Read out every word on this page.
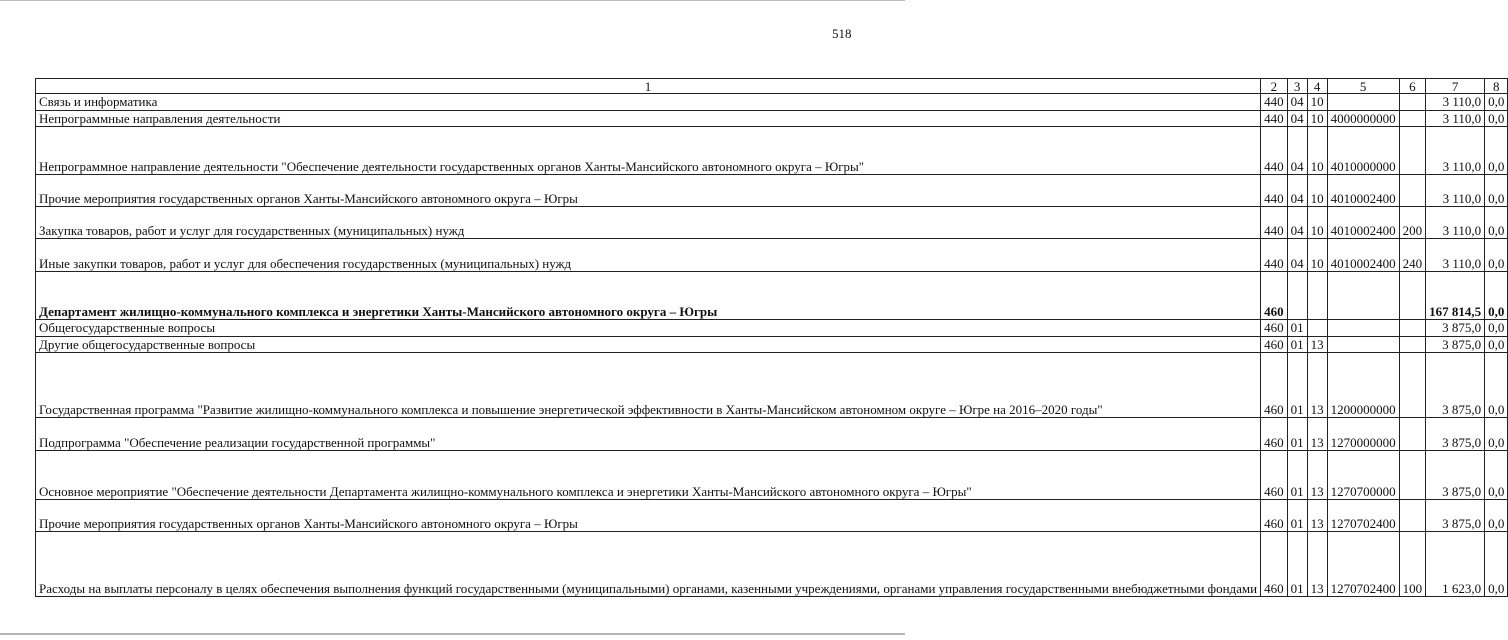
518
1	2	3	4	5	6	7	8
Связь и информатика	440	04	10			3 110,0	0,0
Непрограммные направления деятельности	440	04	10	4000000000		3 110,0	0,0
Непрограммное направление деятельности "Обеспечение деятельности государственных органов Ханты-Мансийского автономного округа – Югры"	440	04	10	4010000000		3 110,0	0,0
Прочие мероприятия государственных органов Ханты-Мансийского автономного округа – Югры	440	04	10	4010002400		3 110,0	0,0
Закупка товаров, работ и услуг для государственных (муниципальных) нужд	440	04	10	4010002400	200	3 110,0	0,0
Иные закупки товаров, работ и услуг для обеспечения государственных (муниципальных) нужд	440	04	10	4010002400	240	3 110,0	0,0
Департамент жилищно-коммунального комплекса и энергетики Ханты-Мансийского автономного округа – Югры	460					167 814,5	0,0
Общегосударственные вопросы	460	01				3 875,0	0,0
Другие общегосударственные вопросы	460	01	13			3 875,0	0,0
Государственная программа "Развитие жилищно-коммунального комплекса и повышение энергетической эффективности в Ханты-Мансийском автономном округе – Югре на 2016–2020 годы"	460	01	13	1200000000		3 875,0	0,0
Подпрограмма "Обеспечение реализации государственной программы"	460	01	13	1270000000		3 875,0	0,0
Основное мероприятие "Обеспечение деятельности Департамента жилищно-коммунального комплекса и энергетики Ханты-Мансийского автономного округа – Югры"	460	01	13	1270700000		3 875,0	0,0
Прочие мероприятия государственных органов Ханты-Мансийского автономного округа – Югры	460	01	13	1270702400		3 875,0	0,0
Расходы на выплаты персоналу в целях обеспечения выполнения функций государственными (муниципальными) органами, казенными учреждениями, органами управления государственными внебюджетными фондами	460	01	13	1270702400	100	1 623,0	0,0
